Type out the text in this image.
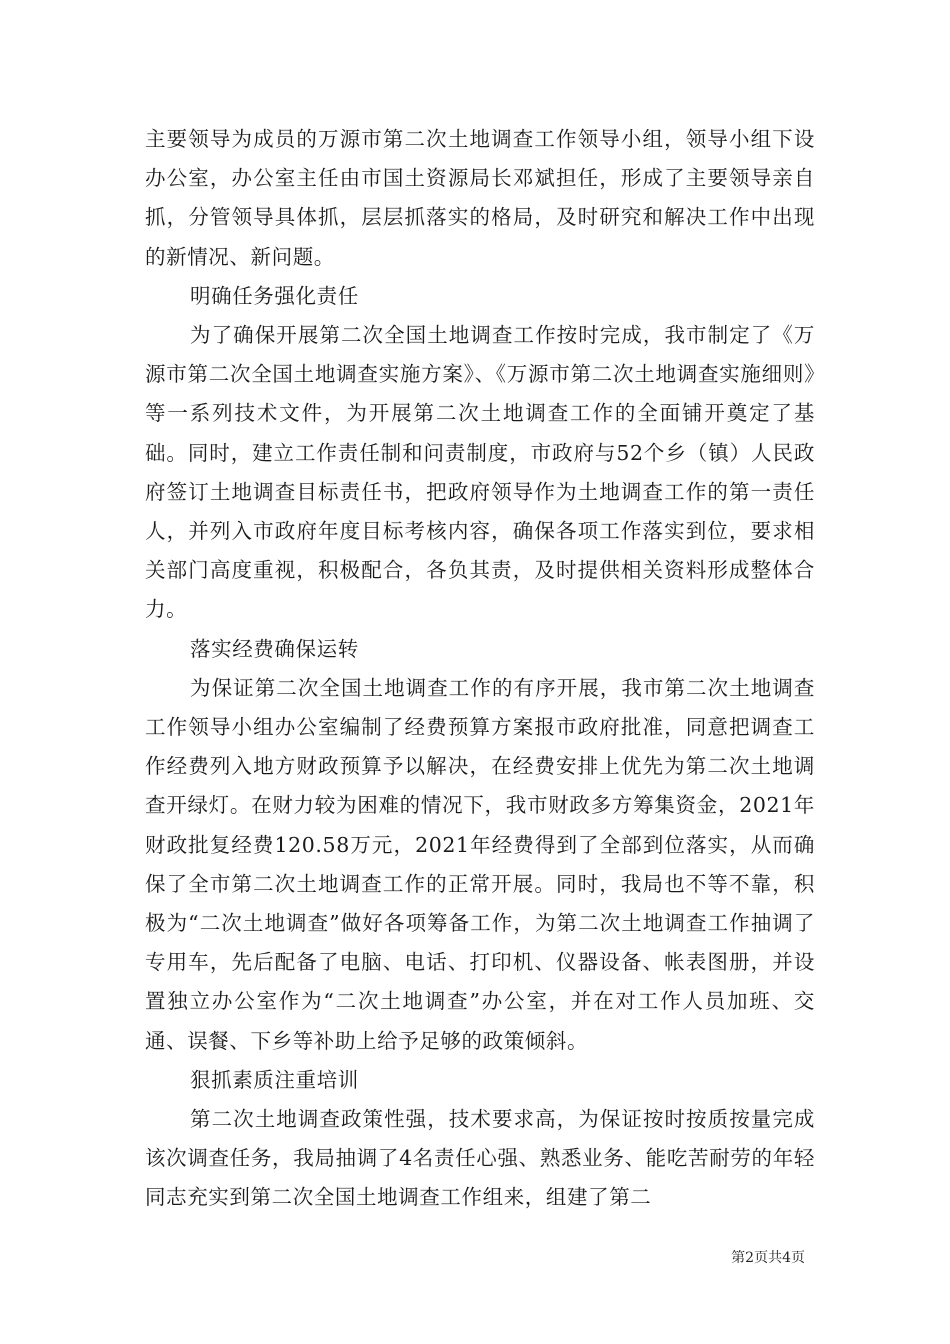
主要领导为成员的万源市第二次土地调查工作领导小组，领导小组下设办公室，办公室主任由市国土资源局长邓斌担任，形成了主要领导亲自抓，分管领导具体抓，层层抓落实的格局，及时研究和解决工作中出现的新情况、新问题。

明确任务强化责任

为了确保开展第二次全国土地调查工作按时完成，我市制定了《万源市第二次全国土地调查实施方案》、《万源市第二次土地调查实施细则》等一系列技术文件，为开展第二次土地调查工作的全面铺开奠定了基础。同时，建立工作责任制和问责制度，市政府与52个乡（镇）人民政府签订土地调查目标责任书，把政府领导作为土地调查工作的第一责任人，并列入市政府年度目标考核内容，确保各项工作落实到位，要求相关部门高度重视，积极配合，各负其责，及时提供相关资料形成整体合力。

落实经费确保运转

为保证第二次全国土地调查工作的有序开展，我市第二次土地调查工作领导小组办公室编制了经费预算方案报市政府批准，同意把调查工作经费列入地方财政预算予以解决，在经费安排上优先为第二次土地调查开绿灯。在财力较为困难的情况下，我市财政多方筹集资金，2021年财政批复经费120.58万元，2021年经费得到了全部到位落实，从而确保了全市第二次土地调查工作的正常开展。同时，我局也不等不靠，积极为“二次土地调查”做好各项筹备工作，为第二次土地调查工作抽调了专用车，先后配备了电脑、电话、打印机、仪器设备、帐表图册，并设置独立办公室作为“二次土地调查”办公室，并在对工作人员加班、交通、误餐、下乡等补助上给予足够的政策倾斜。

狠抓素质注重培训

第二次土地调查政策性强，技术要求高，为保证按时按质按量完成该次调查任务，我局抽调了4名责任心强、熟悉业务、能吃苦耐劳的年轻同志充实到第二次全国土地调查工作组来，组建了第二

第2页共4页
